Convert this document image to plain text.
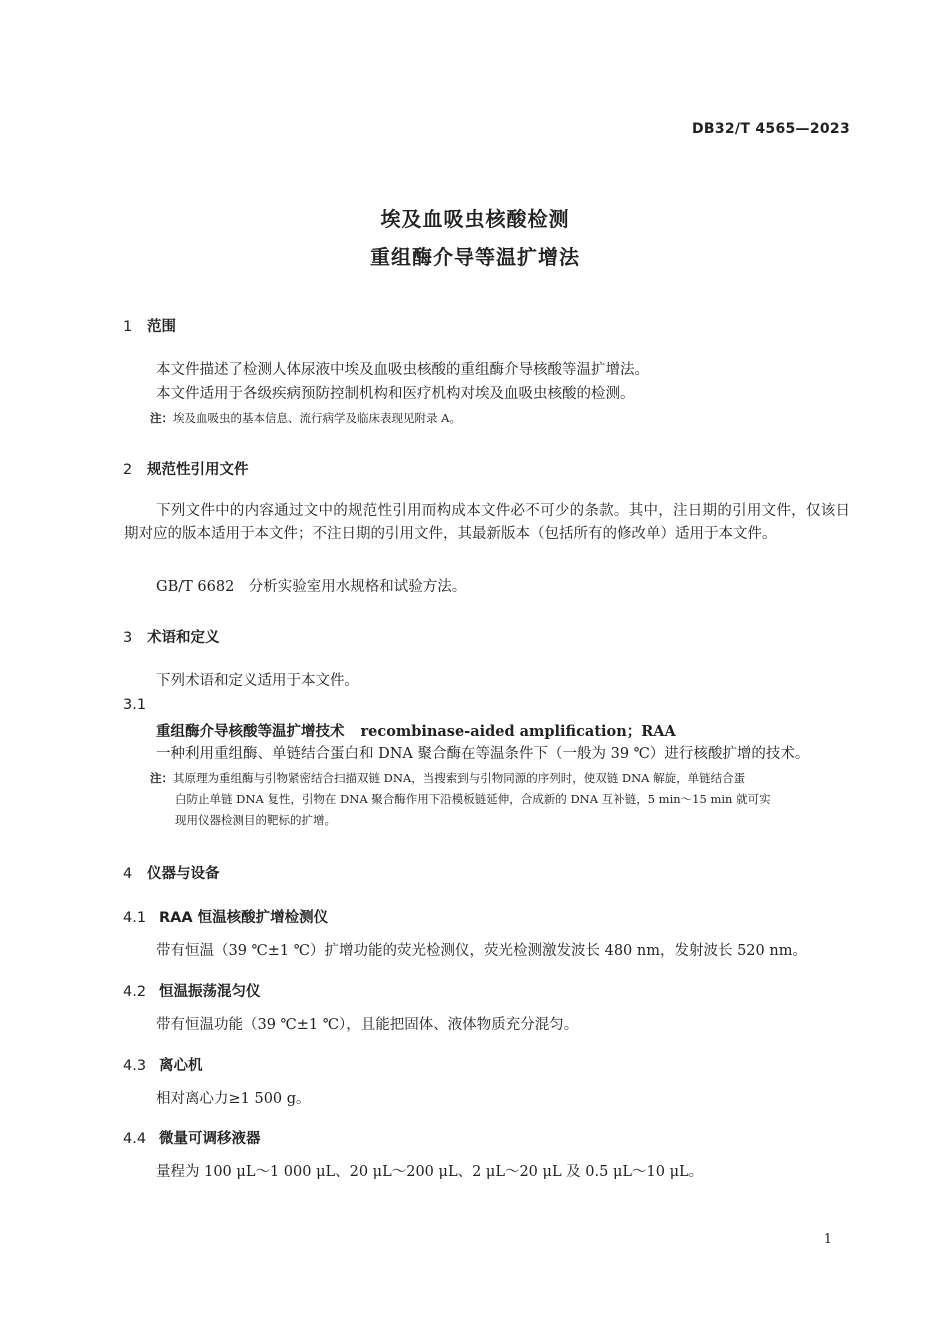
DB32/T 4565—2023
埃及血吸虫核酸检测
重组酶介导等温扩增法
1 范围
本文件描述了检测人体尿液中埃及血吸虫核酸的重组酶介导核酸等温扩增法。
本文件适用于各级疾病预防控制机构和医疗机构对埃及血吸虫核酸的检测。
注：埃及血吸虫的基本信息、流行病学及临床表现见附录 A。
2 规范性引用文件
下列文件中的内容通过文中的规范性引用而构成本文件必不可少的条款。其中，注日期的引用文件，仅该日期对应的版本适用于本文件；不注日期的引用文件，其最新版本（包括所有的修改单）适用于本文件。
GB/T 6682　分析实验室用水规格和试验方法。
3 术语和定义
下列术语和定义适用于本文件。
3.1
重组酶介导核酸等温扩增技术 recombinase-aided amplification；RAA
一种利用重组酶、单链结合蛋白和 DNA 聚合酶在等温条件下（一般为 39 ℃）进行核酸扩增的技术。
注：其原理为重组酶与引物紧密结合扫描双链 DNA，当搜索到与引物同源的序列时，使双链 DNA 解旋，单链结合蛋
白防止单链 DNA 复性，引物在 DNA 聚合酶作用下沿模板链延伸，合成新的 DNA 互补链，5 min～15 min 就可实
现用仪器检测目的靶标的扩增。
4 仪器与设备
4.1 RAA 恒温核酸扩增检测仪
带有恒温（39 ℃±1 ℃）扩增功能的荧光检测仪，荧光检测激发波长 480 nm，发射波长 520 nm。
4.2 恒温振荡混匀仪
带有恒温功能（39 ℃±1 ℃），且能把固体、液体物质充分混匀。
4.3 离心机
相对离心力≥1 500 g。
4.4 微量可调移液器
量程为 100 μL～1 000 μL、20 μL～200 μL、2 μL～20 μL 及 0.5 μL～10 μL。
1
